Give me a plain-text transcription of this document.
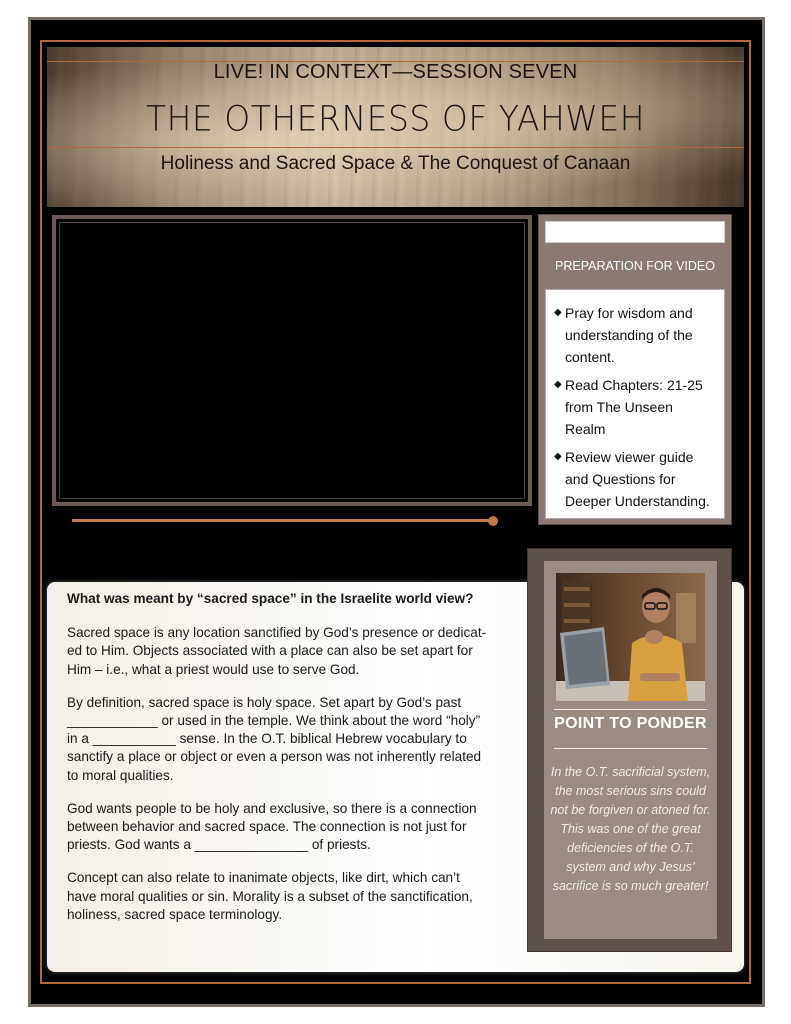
LIVE! IN CONTEXT—SESSION SEVEN
THE OTHERNESS OF YAHWEH
Holiness and Sacred Space & The Conquest of Canaan
PREPARATION FOR VIDEO
◆ Pray for wisdom and understanding of the content.
◆ Read Chapters: 21-25 from The Unseen Realm
◆ Review viewer guide and Questions for Deeper Understanding.
What was meant by “sacred space” in the Israelite world view?
Sacred space is any location sanctified by God’s presence or dedicat-
ed to Him. Objects associated with a place can also be set apart for
Him – i.e., what a priest would use to serve God.
By definition, sacred space is holy space. Set apart by God’s past
____________ or used in the temple. We think about the word “holy”
in a ___________ sense. In the O.T. biblical Hebrew vocabulary to
sanctify a place or object or even a person was not inherently related
to moral qualities.
God wants people to be holy and exclusive, so there is a connection
between behavior and sacred space. The connection is not just for
priests. God wants a _______________ of priests.
Concept can also relate to inanimate objects, like dirt, which can’t
have moral qualities or sin. Morality is a subset of the sanctification,
holiness, sacred space terminology.
POINT TO PONDER
In the O.T. sacrificial system, the most serious sins could not be forgiven or atoned for. This was one of the great deficiencies of the O.T. system and why Jesus’ sacrifice is so much greater!
